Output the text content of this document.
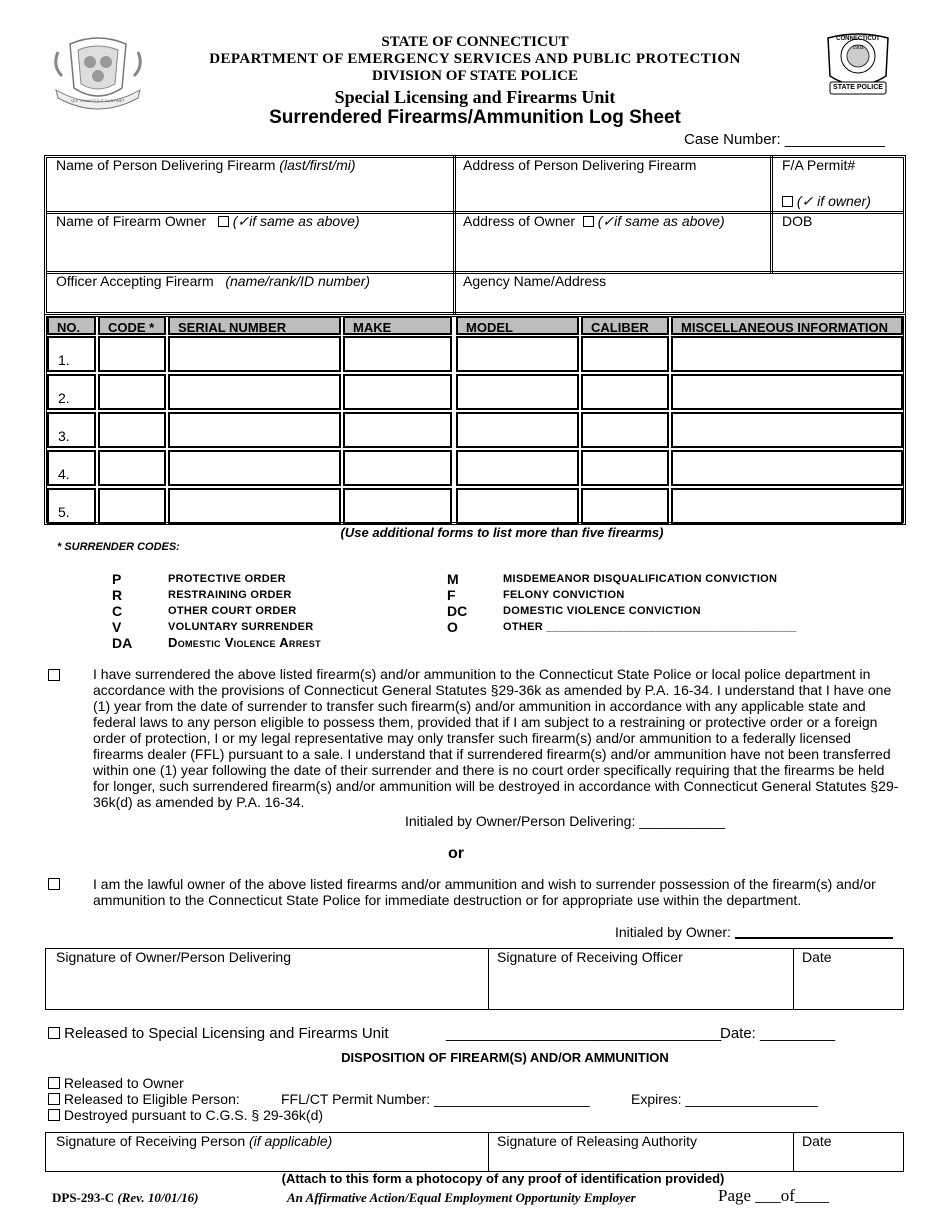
CONNECTICUT
1903
STATE POLICE
QUI TRANSTULIT SUSTINET
STATE OF CONNECTICUT
DEPARTMENT OF EMERGENCY SERVICES AND PUBLIC PROTECTION
DIVISION OF STATE POLICE
Special Licensing and Firearms Unit
Surrendered Firearms/Ammunition Log Sheet
Case Number: ____________
Name of Person Delivering Firearm (last/first/mi)	Address of Person Delivering Firearm	F/A Permit#
(✓ if owner)
Name of Firearm Owner (✓if same as above)	Address of Owner (✓if same as above)	DOB
Officer Accepting Firearm (name/rank/ID number)	Agency Name/Address
NO.	CODE *	SERIAL NUMBER	MAKE	MODEL	CALIBER	MISCELLANEOUS INFORMATION
1.
2.
3.
4.
5.
(Use additional forms to list more than five firearms)
* SURRENDER CODES:
P	PROTECTIVE ORDER
R	RESTRAINING ORDER
C	OTHER COURT ORDER
V	VOLUNTARY SURRENDER
DA	Domestic Violence Arrest
M	MISDEMEANOR DISQUALIFICATION CONVICTION
F	FELONY CONVICTION
DC	DOMESTIC VIOLENCE CONVICTION
O	OTHER _______________________________________
I have surrendered the above listed firearm(s) and/or ammunition to the Connecticut State Police or local police department in accordance with the provisions of Connecticut General Statutes §29-36k as amended by P.A. 16-34. I understand that I have one (1) year from the date of surrender to transfer such firearm(s) and/or ammunition in accordance with any applicable state and federal laws to any person eligible to possess them, provided that if I am subject to a restraining or protective order or a foreign order of protection, I or my legal representative may only transfer such firearm(s) and/or ammunition to a federally licensed firearms dealer (FFL) pursuant to a sale. I understand that if surrendered firearm(s) and/or ammunition have not been transferred within one (1) year following the date of their surrender and there is no court order specifically requiring that the firearms be held for longer, such surrendered firearm(s) and/or ammunition will be destroyed in accordance with Connecticut General Statutes §29-36k(d) as amended by P.A. 16-34.
Initialed by Owner/Person Delivering: ___________
or
I am the lawful owner of the above listed firearms and/or ammunition and wish to surrender possession of the firearm(s) and/or ammunition to the Connecticut State Police for immediate destruction or for appropriate use within the department.
Initialed by Owner:
Signature of Owner/Person Delivering	Signature of Receiving Officer	Date
Released to Special Licensing and Firearms Unit	_________________________________
Date: _________
DISPOSITION OF FIREARM(S) AND/OR AMMUNITION
Released to Owner
Released to Eligible Person:	FFL/CT Permit Number: ____________________	Expires: _________________
Destroyed pursuant to C.G.S. § 29-36k(d)
Signature of Receiving Person (if applicable)	Signature of Releasing Authority	Date
(Attach to this form a photocopy of any proof of identification provided)
DPS-293-C (Rev. 10/01/16)	An Affirmative Action/Equal Employment Opportunity Employer	Page ___of____
